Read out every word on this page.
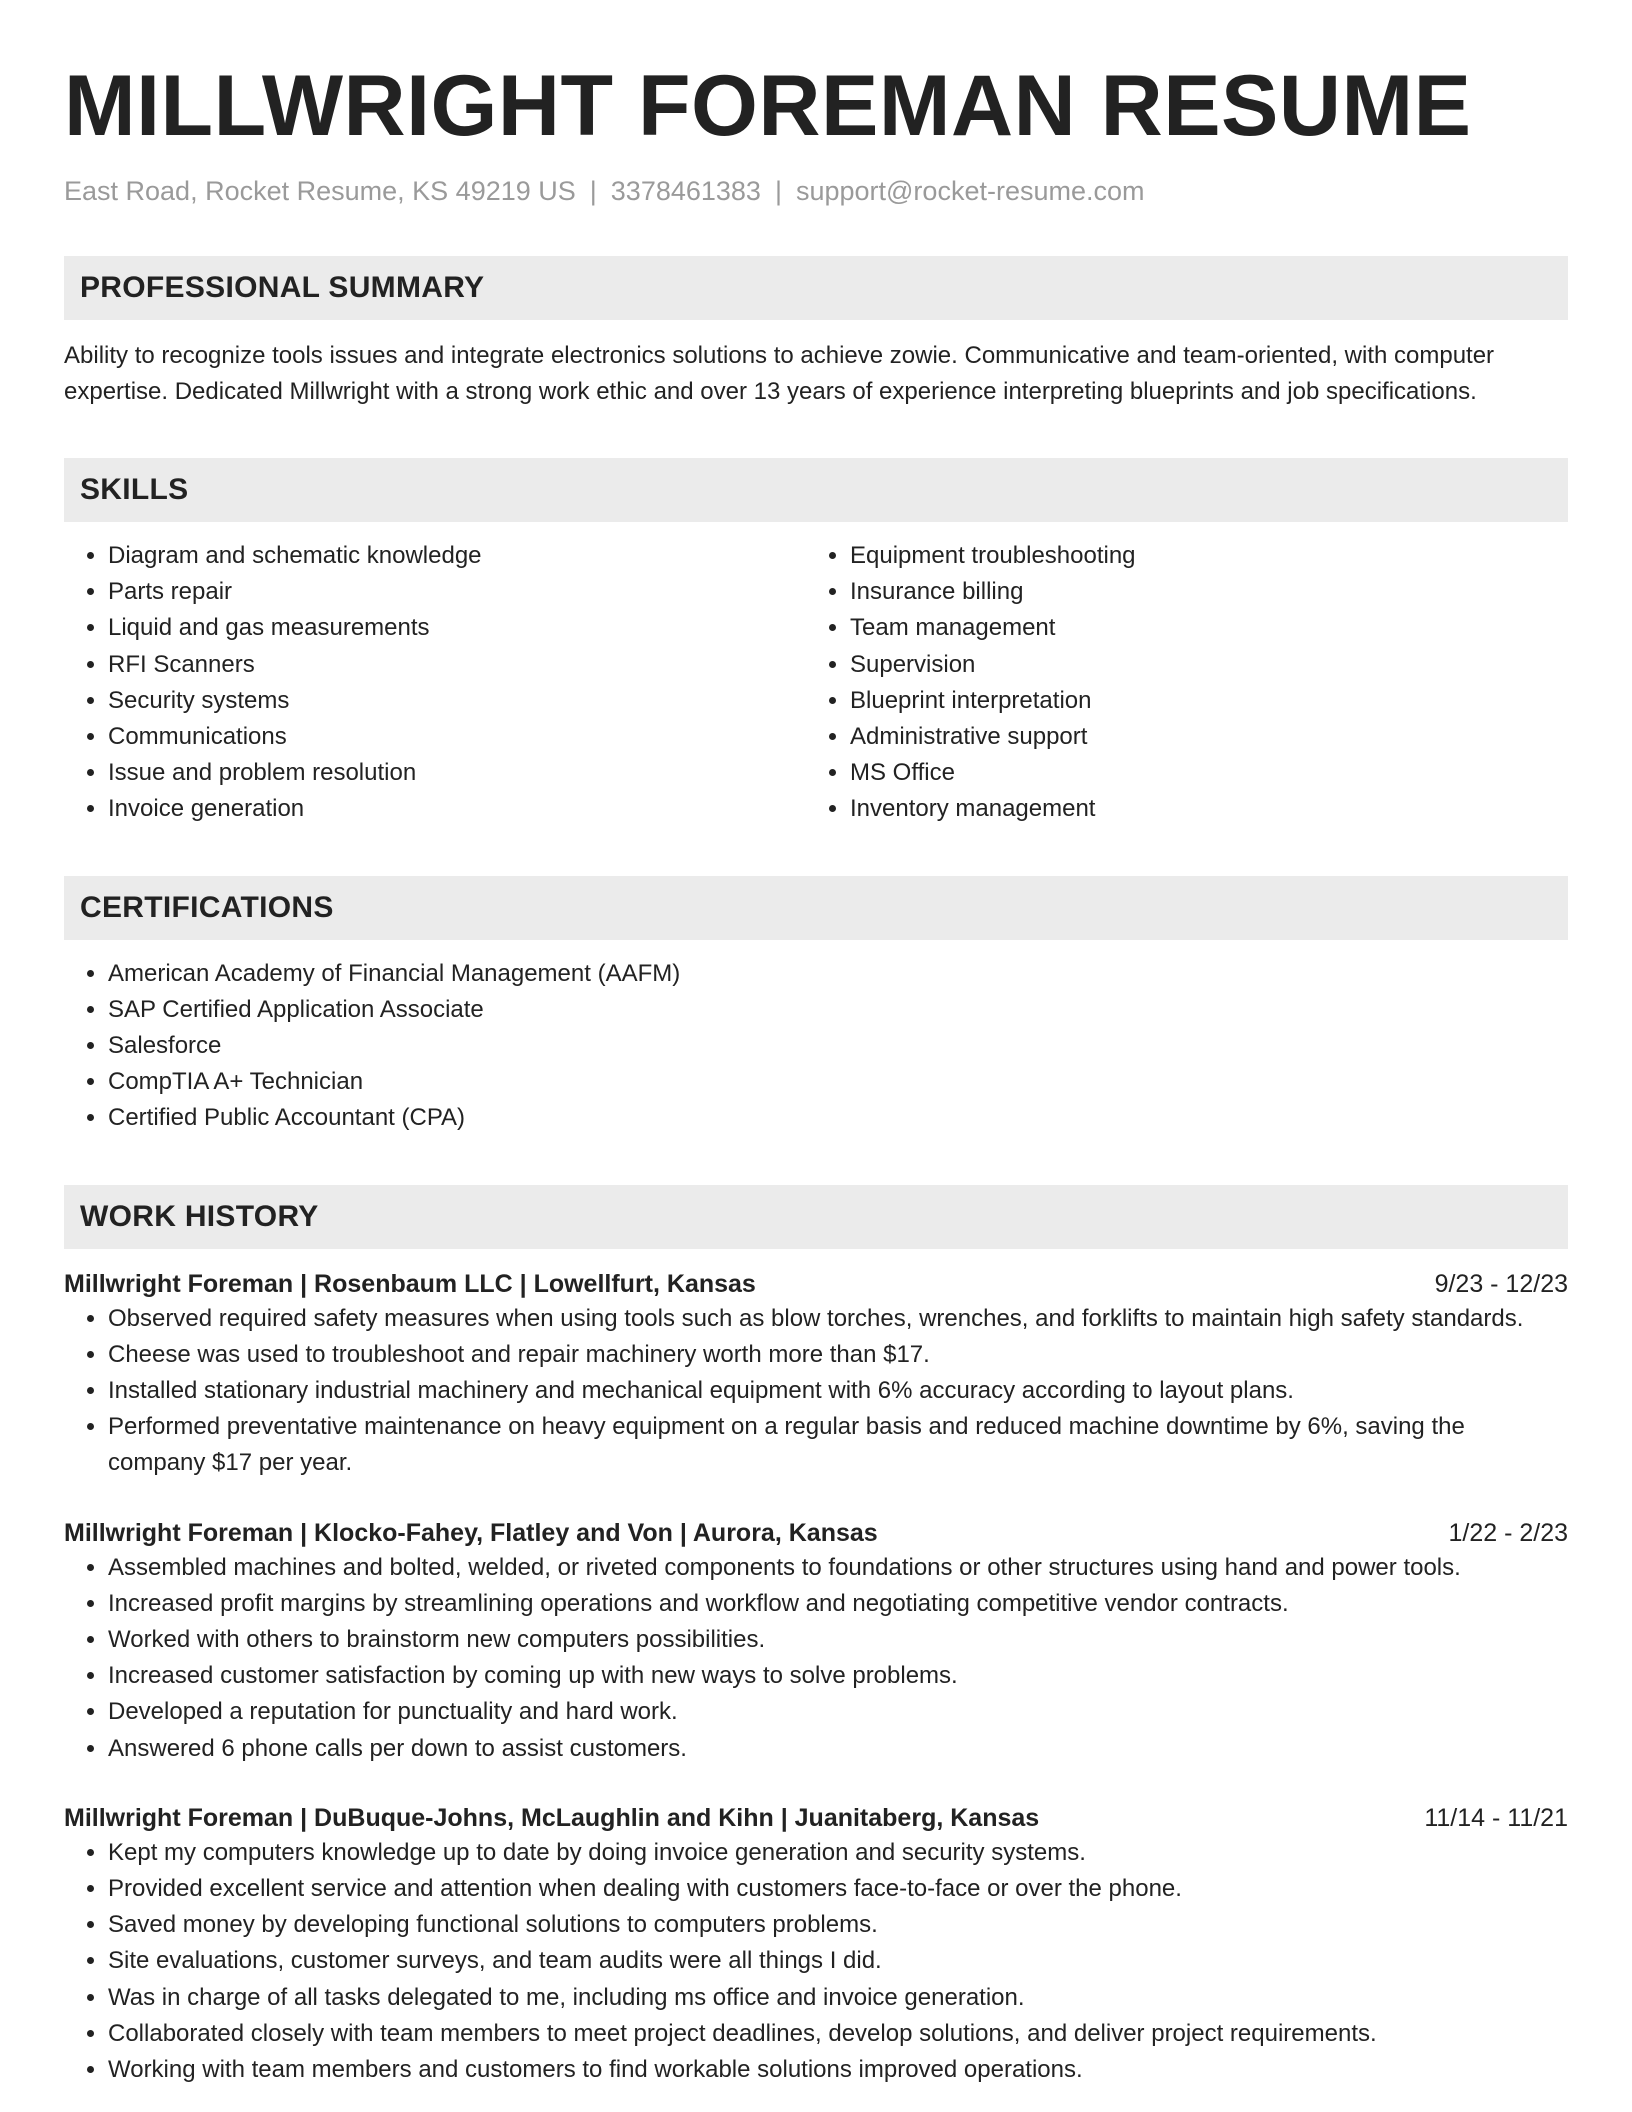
MILLWRIGHT FOREMAN RESUME
East Road, Rocket Resume, KS 49219 US | 3378461383 | support@rocket-resume.com
PROFESSIONAL SUMMARY
Ability to recognize tools issues and integrate electronics solutions to achieve zowie. Communicative and team-oriented, with computer expertise. Dedicated Millwright with a strong work ethic and over 13 years of experience interpreting blueprints and job specifications.
SKILLS
• Diagram and schematic knowledge
• Parts repair
• Liquid and gas measurements
• RFI Scanners
• Security systems
• Communications
• Issue and problem resolution
• Invoice generation
• Equipment troubleshooting
• Insurance billing
• Team management
• Supervision
• Blueprint interpretation
• Administrative support
• MS Office
• Inventory management
CERTIFICATIONS
• American Academy of Financial Management (AAFM)
• SAP Certified Application Associate
• Salesforce
• CompTIA A+ Technician
• Certified Public Accountant (CPA)
WORK HISTORY
Millwright Foreman | Rosenbaum LLC | Lowellfurt, Kansas	9/23 - 12/23
• Observed required safety measures when using tools such as blow torches, wrenches, and forklifts to maintain high safety standards.
• Cheese was used to troubleshoot and repair machinery worth more than $17.
• Installed stationary industrial machinery and mechanical equipment with 6% accuracy according to layout plans.
• Performed preventative maintenance on heavy equipment on a regular basis and reduced machine downtime by 6%, saving the company $17 per year.
Millwright Foreman | Klocko-Fahey, Flatley and Von | Aurora, Kansas	1/22 - 2/23
• Assembled machines and bolted, welded, or riveted components to foundations or other structures using hand and power tools.
• Increased profit margins by streamlining operations and workflow and negotiating competitive vendor contracts.
• Worked with others to brainstorm new computers possibilities.
• Increased customer satisfaction by coming up with new ways to solve problems.
• Developed a reputation for punctuality and hard work.
• Answered 6 phone calls per down to assist customers.
Millwright Foreman | DuBuque-Johns, McLaughlin and Kihn | Juanitaberg, Kansas	11/14 - 11/21
• Kept my computers knowledge up to date by doing invoice generation and security systems.
• Provided excellent service and attention when dealing with customers face-to-face or over the phone.
• Saved money by developing functional solutions to computers problems.
• Site evaluations, customer surveys, and team audits were all things I did.
• Was in charge of all tasks delegated to me, including ms office and invoice generation.
• Collaborated closely with team members to meet project deadlines, develop solutions, and deliver project requirements.
• Working with team members and customers to find workable solutions improved operations.
